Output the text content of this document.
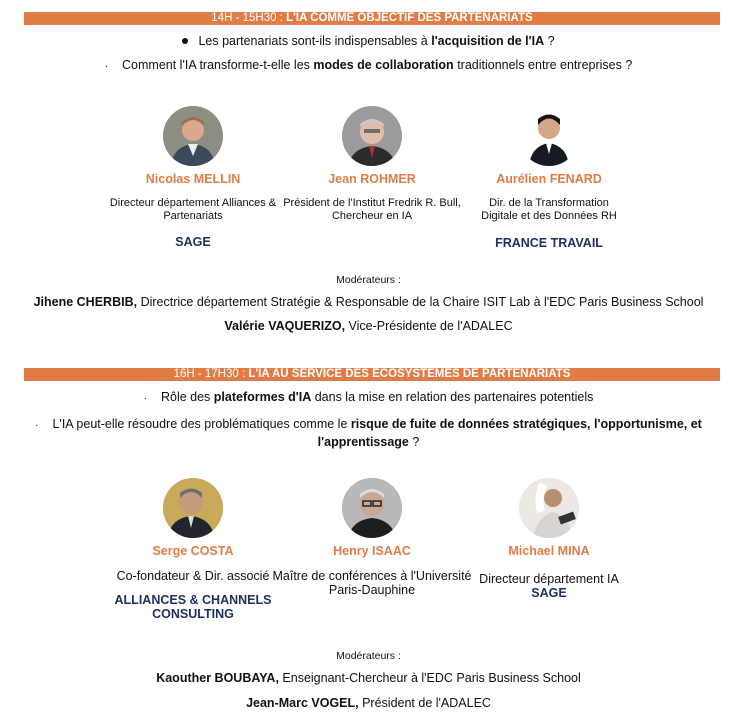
14H - 15H30 : L'IA COMME OBJECTIF DES PARTENARIATS
Les partenariats sont-ils indispensables à l'acquisition de l'IA ?
· Comment l'IA transforme-t-elle les modes de collaboration traditionnels entre entreprises ?
Nicolas MELLIN
Directeur département Alliances & Partenariats
SAGE
Jean ROHMER
Président de l'Institut Fredrik R. Bull, Chercheur en IA
Aurélien FENARD
Dir. de la Transformation Digitale et des Données RH
FRANCE TRAVAIL
Modérateurs :
Jihene CHERBIB, Directrice département Stratégie & Responsable de la Chaire ISIT Lab à l'EDC Paris Business School
Valérie VAQUERIZO, Vice-Présidente de l'ADALEC
16H - 17H30 : L'IA AU SERVICE DES ECOSYSTEMES DE PARTENARIATS
· Rôle des plateformes d'IA dans la mise en relation des partenaires potentiels
· L'IA peut-elle résoudre des problématiques comme le risque de fuite de données stratégiques, l'opportunisme, et
l'apprentissage ?
Serge COSTA
Co-fondateur & Dir. associé
ALLIANCES & CHANNELS CONSULTING
Henry ISAAC
Maître de conférences à l'Université Paris-Dauphine
Michael MINA
Directeur département IA
SAGE
Modérateurs :
Kaouther BOUBAYA, Enseignant-Chercheur à l'EDC Paris Business School
Jean-Marc VOGEL, Président de l'ADALEC
